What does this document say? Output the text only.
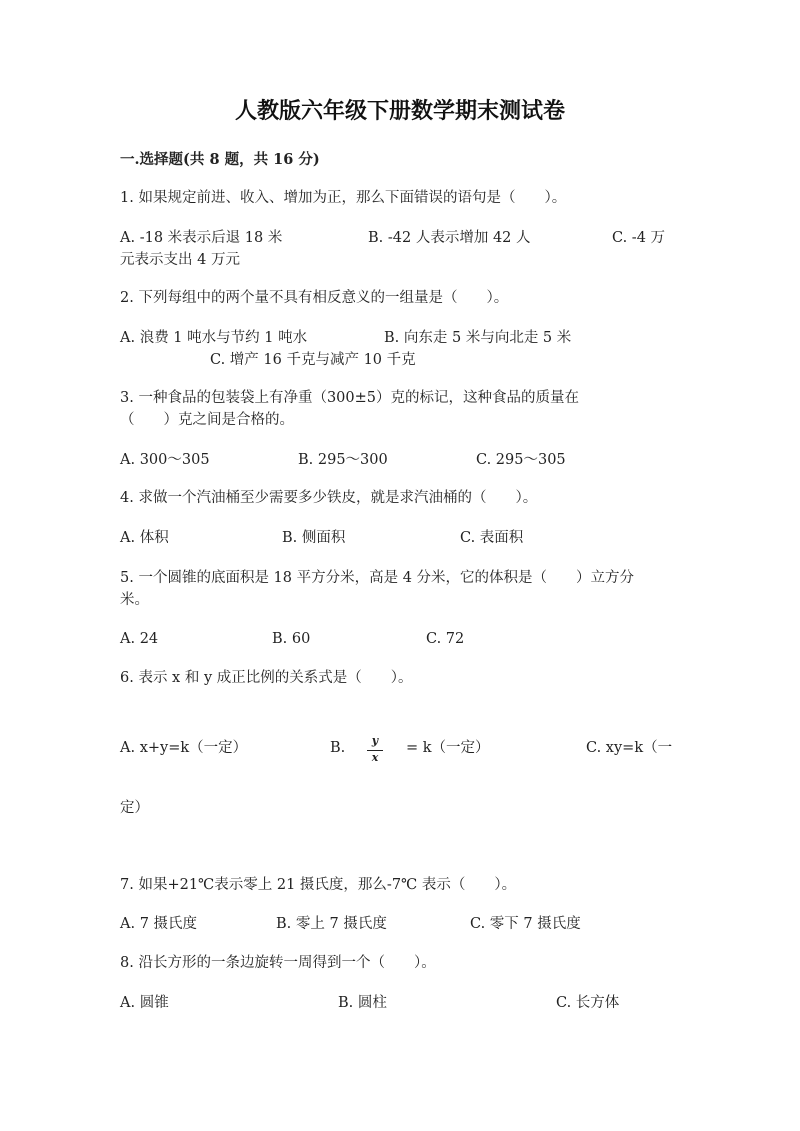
人教版六年级下册数学期末测试卷
一.选择题(共 8 题，共 16 分)
1. 如果规定前进、收入、增加为正，那么下面错误的语句是（　　）。
A. -18 米表示后退 18 米	B. -42 人表示增加 42 人	C. -4 万
元表示支出 4 万元
2. 下列每组中的两个量不具有相反意义的一组量是（　　）。
A. 浪费 1 吨水与节约 1 吨水	B. 向东走 5 米与向北走 5 米
C. 增产 16 千克与减产 10 千克
3. 一种食品的包装袋上有净重（300±5）克的标记，这种食品的质量在
（　　）克之间是合格的。
A. 300～305	B. 295～300	C. 295～305
4. 求做一个汽油桶至少需要多少铁皮，就是求汽油桶的（　　）。
A. 体积	B. 侧面积	C. 表面积
5. 一个圆锥的底面积是 18 平方分米，高是 4 分米，它的体积是（　　）立方分
米。
A. 24	B. 60	C. 72
6. 表示 x 和 y 成正比例的关系式是（　　）。
A. x+y=k（一定）	B.	y
x
= k（一定）	C. xy=k（一
定）
7. 如果+21℃表示零上 21 摄氏度，那么-7℃ 表示（　　）。
A. 7 摄氏度	B. 零上 7 摄氏度	C. 零下 7 摄氏度
8. 沿长方形的一条边旋转一周得到一个（　　）。
A. 圆锥	B. 圆柱	C. 长方体
